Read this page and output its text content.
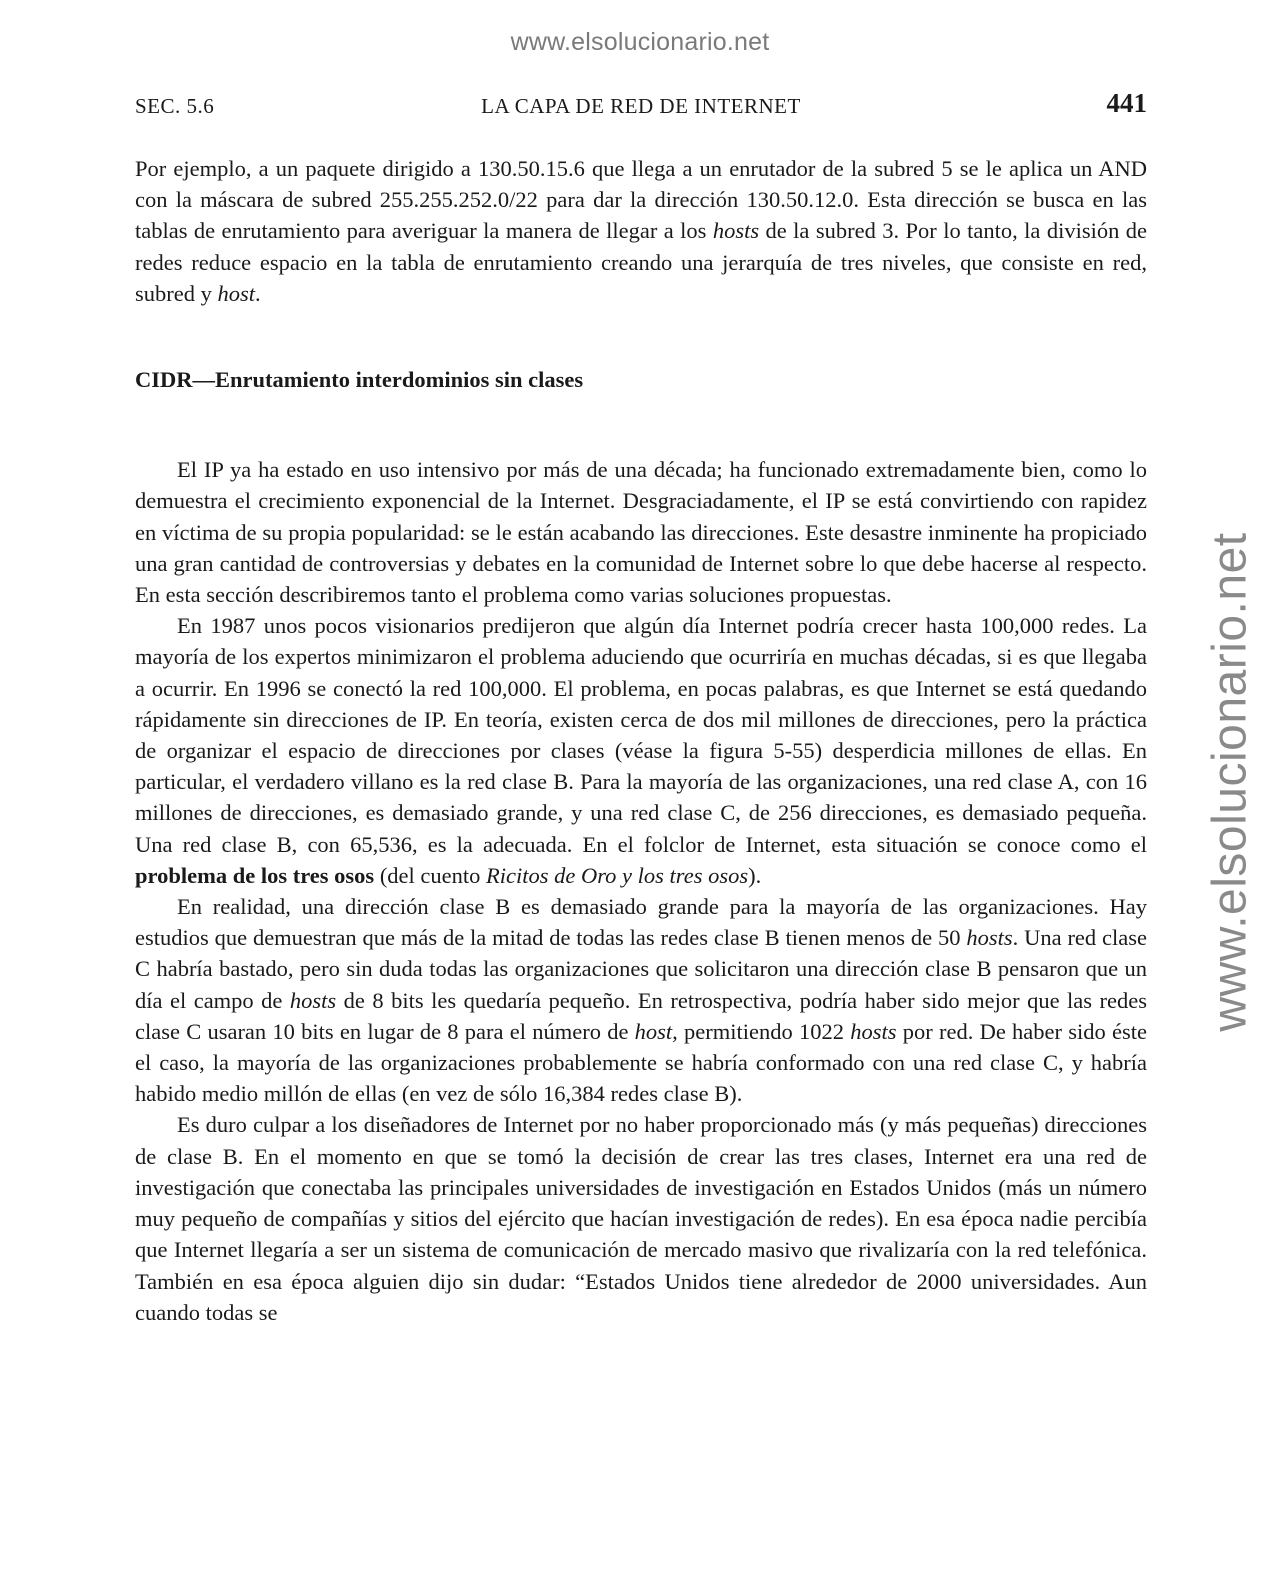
www.elsolucionario.net
www.elsolucionario.net
SEC. 5.6	LA CAPA DE RED DE INTERNET	441

Por ejemplo, a un paquete dirigido a 130.50.15.6 que llega a un enrutador de la subred 5 se le aplica un AND con la máscara de subred 255.255.252.0/22 para dar la dirección 130.50.12.0. Esta dirección se busca en las tablas de enrutamiento para averiguar la manera de llegar a los hosts de la subred 3. Por lo tanto, la división de redes reduce espacio en la tabla de enrutamiento creando una jerarquía de tres niveles, que consiste en red, subred y host.

CIDR—Enrutamiento interdominios sin clases

El IP ya ha estado en uso intensivo por más de una década; ha funcionado extremadamente bien, como lo demuestra el crecimiento exponencial de la Internet. Desgraciadamente, el IP se está convirtiendo con rapidez en víctima de su propia popularidad: se le están acabando las direcciones. Este desastre inminente ha propiciado una gran cantidad de controversias y debates en la comunidad de Internet sobre lo que debe hacerse al respecto. En esta sección describiremos tanto el problema como varias soluciones propuestas.

En 1987 unos pocos visionarios predijeron que algún día Internet podría crecer hasta 100,000 redes. La mayoría de los expertos minimizaron el problema aduciendo que ocurriría en muchas décadas, si es que llegaba a ocurrir. En 1996 se conectó la red 100,000. El problema, en pocas palabras, es que Internet se está quedando rápidamente sin direcciones de IP. En teoría, existen cerca de dos mil millones de direcciones, pero la práctica de organizar el espacio de direcciones por clases (véase la figura 5-55) desperdicia millones de ellas. En particular, el verdadero villano es la red clase B. Para la mayoría de las organizaciones, una red clase A, con 16 millones de direcciones, es demasiado grande, y una red clase C, de 256 direcciones, es demasiado pequeña. Una red clase B, con 65,536, es la adecuada. En el folclor de Internet, esta situación se conoce como el problema de los tres osos (del cuento Ricitos de Oro y los tres osos).

En realidad, una dirección clase B es demasiado grande para la mayoría de las organizaciones. Hay estudios que demuestran que más de la mitad de todas las redes clase B tienen menos de 50 hosts. Una red clase C habría bastado, pero sin duda todas las organizaciones que solicitaron una dirección clase B pensaron que un día el campo de hosts de 8 bits les quedaría pequeño. En retrospectiva, podría haber sido mejor que las redes clase C usaran 10 bits en lugar de 8 para el número de host, permitiendo 1022 hosts por red. De haber sido éste el caso, la mayoría de las organizaciones probablemente se habría conformado con una red clase C, y habría habido medio millón de ellas (en vez de sólo 16,384 redes clase B).

Es duro culpar a los diseñadores de Internet por no haber proporcionado más (y más pequeñas) direcciones de clase B. En el momento en que se tomó la decisión de crear las tres clases, Internet era una red de investigación que conectaba las principales universidades de investigación en Estados Unidos (más un número muy pequeño de compañías y sitios del ejército que hacían investigación de redes). En esa época nadie percibía que Internet llegaría a ser un sistema de comunicación de mercado masivo que rivalizaría con la red telefónica. También en esa época alguien dijo sin dudar: “Estados Unidos tiene alrededor de 2000 universidades. Aun cuando todas se
